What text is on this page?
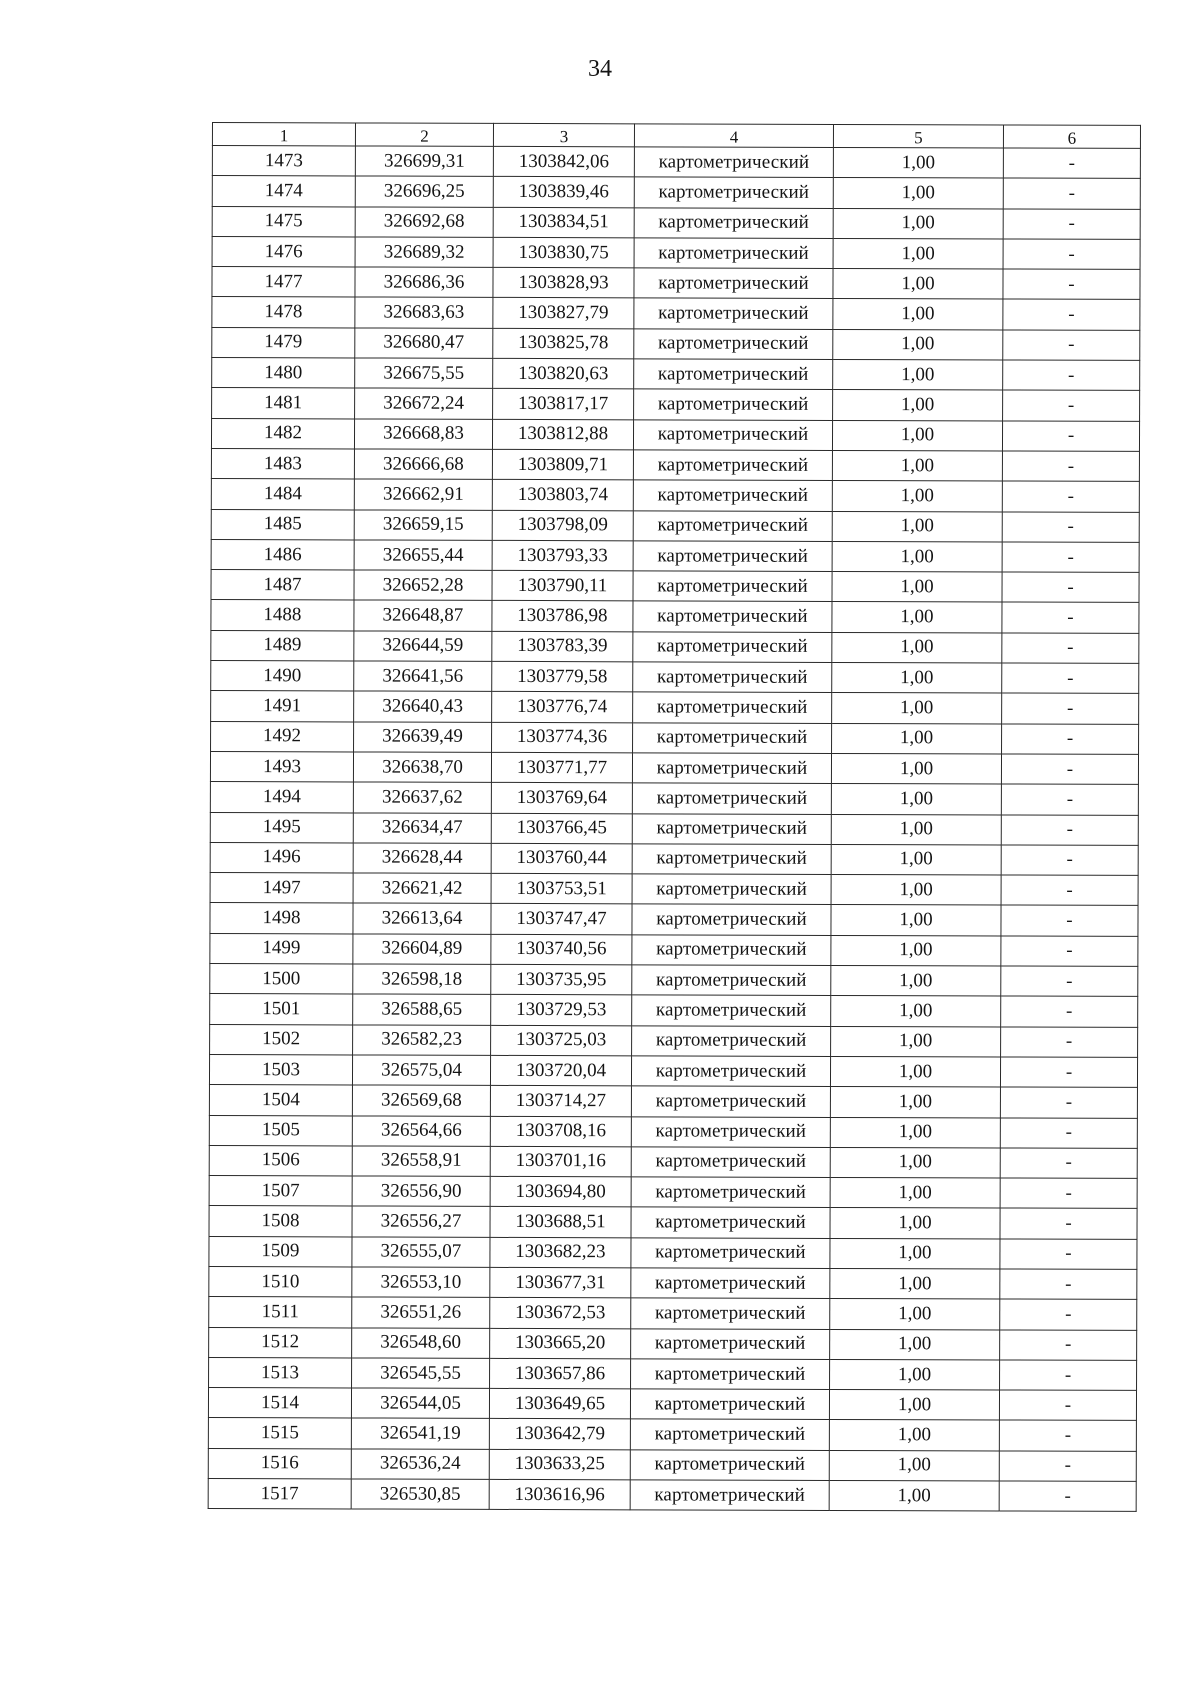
34
1	2	3	4	5	6
1473	326699,31	1303842,06	картометрический	1,00	-
1474	326696,25	1303839,46	картометрический	1,00	-
1475	326692,68	1303834,51	картометрический	1,00	-
1476	326689,32	1303830,75	картометрический	1,00	-
1477	326686,36	1303828,93	картометрический	1,00	-
1478	326683,63	1303827,79	картометрический	1,00	-
1479	326680,47	1303825,78	картометрический	1,00	-
1480	326675,55	1303820,63	картометрический	1,00	-
1481	326672,24	1303817,17	картометрический	1,00	-
1482	326668,83	1303812,88	картометрический	1,00	-
1483	326666,68	1303809,71	картометрический	1,00	-
1484	326662,91	1303803,74	картометрический	1,00	-
1485	326659,15	1303798,09	картометрический	1,00	-
1486	326655,44	1303793,33	картометрический	1,00	-
1487	326652,28	1303790,11	картометрический	1,00	-
1488	326648,87	1303786,98	картометрический	1,00	-
1489	326644,59	1303783,39	картометрический	1,00	-
1490	326641,56	1303779,58	картометрический	1,00	-
1491	326640,43	1303776,74	картометрический	1,00	-
1492	326639,49	1303774,36	картометрический	1,00	-
1493	326638,70	1303771,77	картометрический	1,00	-
1494	326637,62	1303769,64	картометрический	1,00	-
1495	326634,47	1303766,45	картометрический	1,00	-
1496	326628,44	1303760,44	картометрический	1,00	-
1497	326621,42	1303753,51	картометрический	1,00	-
1498	326613,64	1303747,47	картометрический	1,00	-
1499	326604,89	1303740,56	картометрический	1,00	-
1500	326598,18	1303735,95	картометрический	1,00	-
1501	326588,65	1303729,53	картометрический	1,00	-
1502	326582,23	1303725,03	картометрический	1,00	-
1503	326575,04	1303720,04	картометрический	1,00	-
1504	326569,68	1303714,27	картометрический	1,00	-
1505	326564,66	1303708,16	картометрический	1,00	-
1506	326558,91	1303701,16	картометрический	1,00	-
1507	326556,90	1303694,80	картометрический	1,00	-
1508	326556,27	1303688,51	картометрический	1,00	-
1509	326555,07	1303682,23	картометрический	1,00	-
1510	326553,10	1303677,31	картометрический	1,00	-
1511	326551,26	1303672,53	картометрический	1,00	-
1512	326548,60	1303665,20	картометрический	1,00	-
1513	326545,55	1303657,86	картометрический	1,00	-
1514	326544,05	1303649,65	картометрический	1,00	-
1515	326541,19	1303642,79	картометрический	1,00	-
1516	326536,24	1303633,25	картометрический	1,00	-
1517	326530,85	1303616,96	картометрический	1,00	-
